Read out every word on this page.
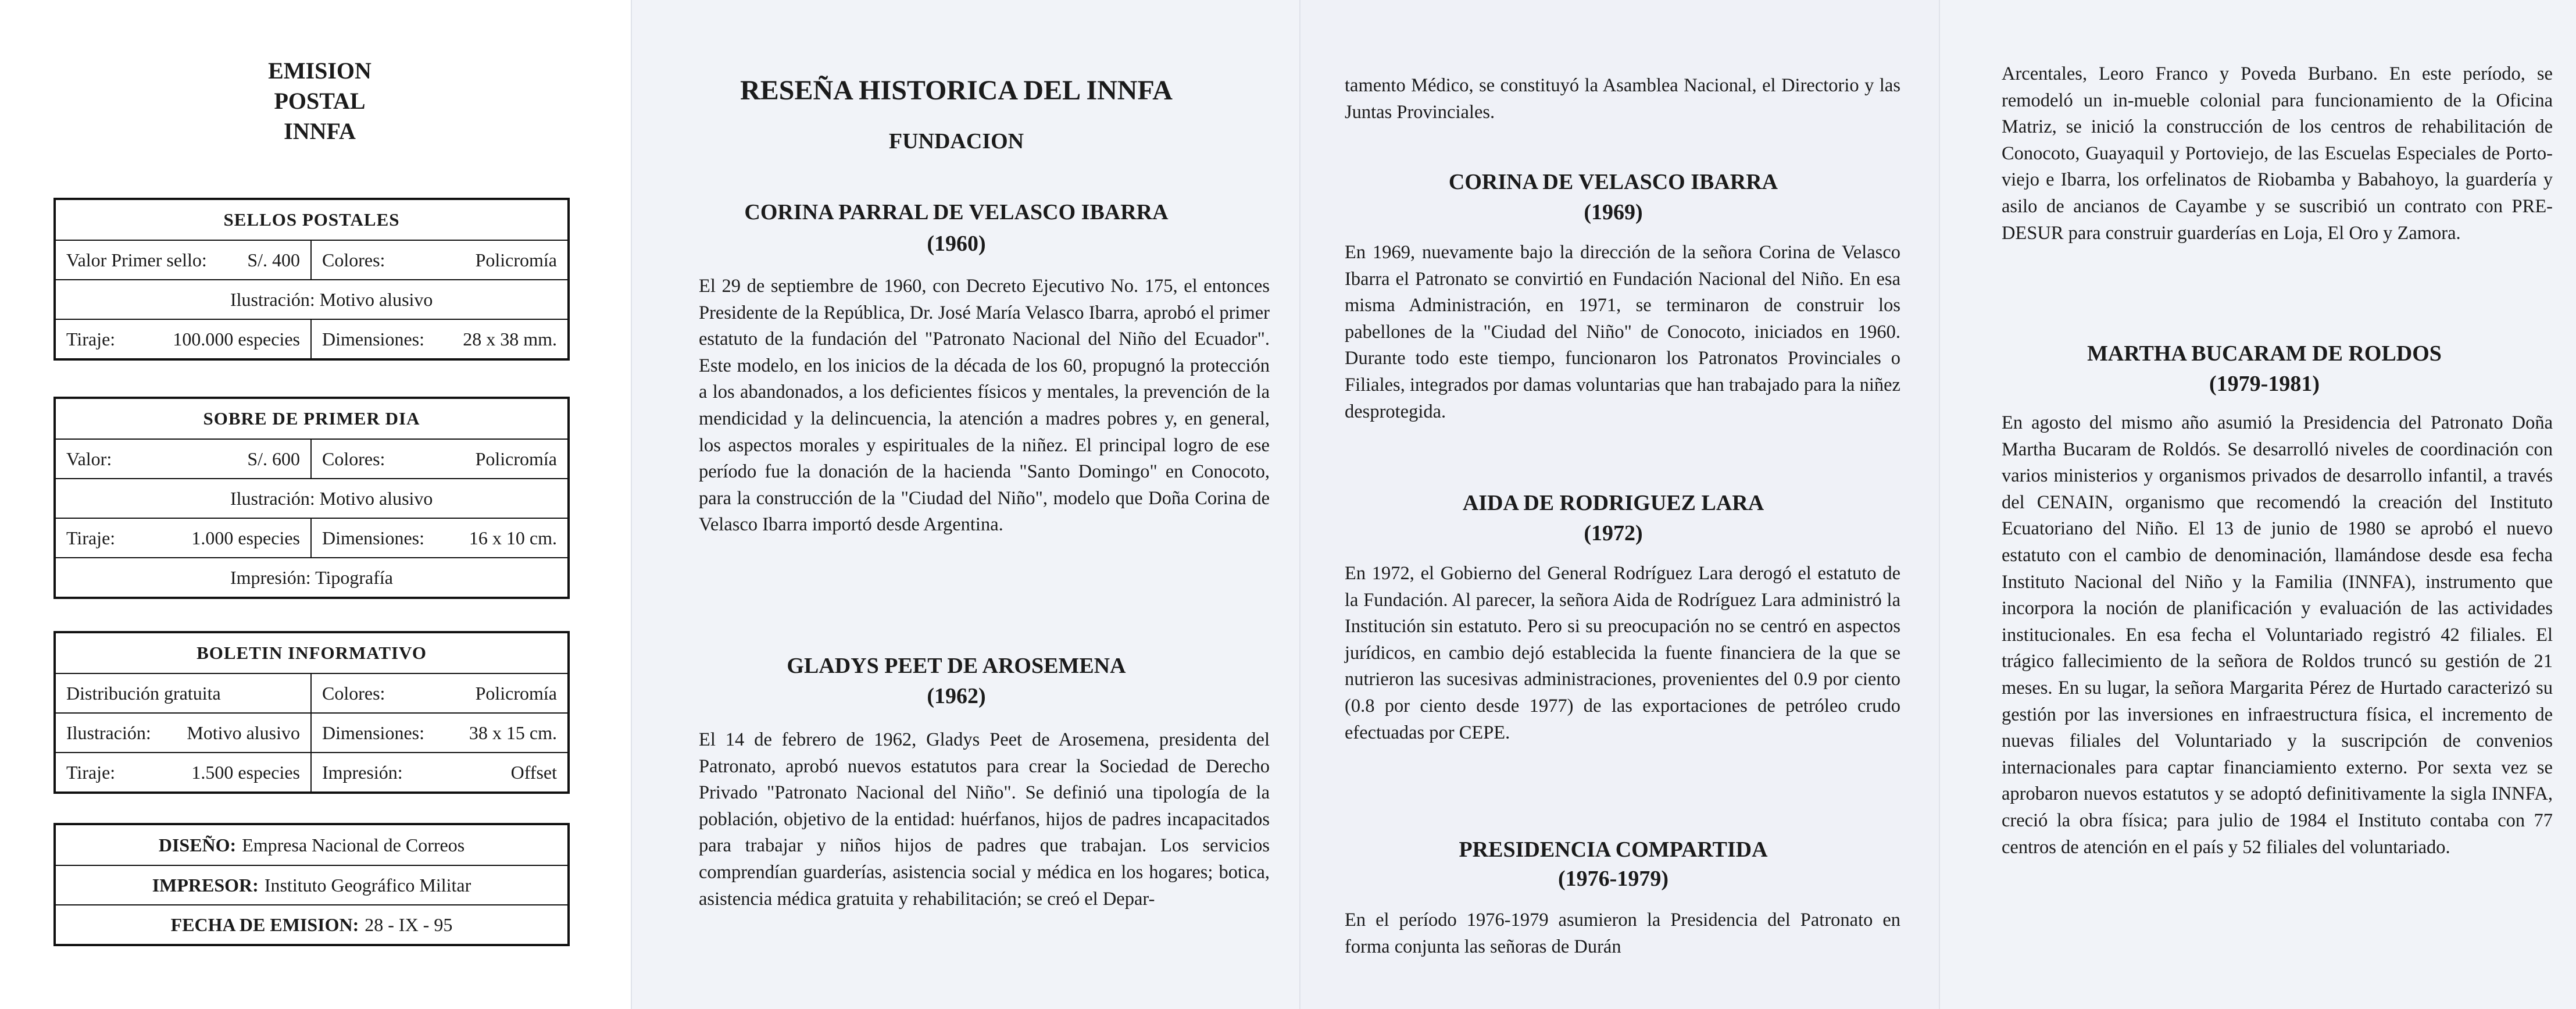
EMISION POSTAL
INNFA
SELLOS POSTALES
Valor Primer sello: S/. 400 Colores:	Policromía
Ilustración: Motivo alusivo
Tiraje:	100.000 especies Dimensiones: 28 x 38 mm.
SOBRE DE PRIMER DIA
Valor:	S/. 600 Colores:	Policromía
Ilustración: Motivo alusivo
Tiraje:	1.000 especies Dimensiones: 16 x 10 cm.
Impresión: Tipografía
BOLETIN INFORMATIVO
Distribución gratuita	Colores:	Policromía
Ilustración: Motivo alusivo Dimensiones: 38 x 15 cm.
Tiraje:	1.500 especies Impresión:	Offset
DISEÑO: Empresa Nacional de Correos
IMPRESOR: Instituto Geográfico Militar
FECHA DE EMISION: 28 - IX - 95
RESEÑA HISTORICA DEL INNFA
FUNDACION
CORINA PARRAL DE VELASCO IBARRA
(1960)

El 29 de septiembre de 1960, con Decreto Ejecutivo No. 175, el entonces Presidente de la República, Dr. José María Velasco Ibarra, aprobó el primer estatuto de la fundación del "Patronato Nacional del Niño del Ecuador". Este modelo, en los inicios de la década de los 60, propugnó la protección a los abandonados, a los deficientes físicos y mentales, la prevención de la mendicidad y la delincuencia, la atención a madres pobres y, en general, los aspectos morales y espirituales de la niñez. El principal logro de ese período fue la donación de la hacienda "Santo Domingo" en Conocoto, para la construcción de la "Ciudad del Niño", modelo que Doña Corina de Velasco Ibarra importó desde Argentina.

GLADYS PEET DE AROSEMENA
(1962)

El 14 de febrero de 1962, Gladys Peet de Arosemena, presidenta del Patronato, aprobó nuevos estatutos para crear la Sociedad de Derecho Privado "Patronato Nacional del Niño". Se definió una tipología de la población, objetivo de la entidad: huérfanos, hijos de padres incapacitados para trabajar y niños hijos de padres que trabajan. Los servicios comprendían guarderías, asistencia social y médica en los hogares; botica, asistencia médica gratuita y rehabilitación; se creó el Depar-

tamento Médico, se constituyó la Asamblea Nacional, el Directorio y las Juntas Provinciales.

CORINA DE VELASCO IBARRA
(1969)

En 1969, nuevamente bajo la dirección de la señora Corina de Velasco Ibarra el Patronato se convirtió en Fundación Nacional del Niño. En esa misma Administración, en 1971, se terminaron de construir los pabellones de la "Ciudad del Niño" de Conocoto, iniciados en 1960. Durante todo este tiempo, funcionaron los Patronatos Provinciales o Filiales, integrados por damas voluntarias que han trabajado para la niñez desprotegida.

AIDA DE RODRIGUEZ LARA
(1972)

En 1972, el Gobierno del General Rodríguez Lara derogó el estatuto de la Fundación. Al parecer, la señora Aida de Rodríguez Lara administró la Institución sin estatuto. Pero si su preocupación no se centró en aspectos jurídicos, en cambio dejó establecida la fuente financiera de la que se nutrieron las sucesivas administraciones, provenientes del 0.9 por ciento (0.8 por ciento desde 1977) de las exportaciones de petróleo crudo efectuadas por CEPE.

PRESIDENCIA COMPARTIDA
(1976-1979)

En el período 1976-1979 asumieron la Presidencia del Patronato en forma conjunta las señoras de Durán

Arcentales, Leoro Franco y Poveda Burbano. En este período, se remodeló un in-mueble colonial para funcionamiento de la Oficina Matriz, se inició la construcción de los centros de rehabilitación de Conocoto, Guayaquil y Portoviejo, de las Escuelas Especiales de Porto-viejo e Ibarra, los orfelinatos de Riobamba y Babahoyo, la guardería y asilo de ancianos de Cayambe y se suscribió un contrato con PRE-DESUR para construir guarderías en Loja, El Oro y Zamora.

MARTHA BUCARAM DE ROLDOS
(1979-1981)

En agosto del mismo año asumió la Presidencia del Patronato Doña Martha Bucaram de Roldós. Se desarrolló niveles de coordinación con varios ministerios y organismos privados de desarrollo infantil, a través del CENAIN, organismo que recomendó la creación del Instituto Ecuatoriano del Niño. El 13 de junio de 1980 se aprobó el nuevo estatuto con el cambio de denominación, llamándose desde esa fecha Instituto Nacional del Niño y la Familia (INNFA), instrumento que incorpora la noción de planificación y evaluación de las actividades institucionales. En esa fecha el Voluntariado registró 42 filiales. El trágico fallecimiento de la señora de Roldos truncó su gestión de 21 meses. En su lugar, la señora Margarita Pérez de Hurtado caracterizó su gestión por las inversiones en infraestructura física, el incremento de nuevas filiales del Voluntariado y la suscripción de convenios internacionales para captar financiamiento externo. Por sexta vez se aprobaron nuevos estatutos y se adoptó definitivamente la sigla INNFA, creció la obra física; para julio de 1984 el Instituto contaba con 77 centros de atención en el país y 52 filiales del voluntariado.
